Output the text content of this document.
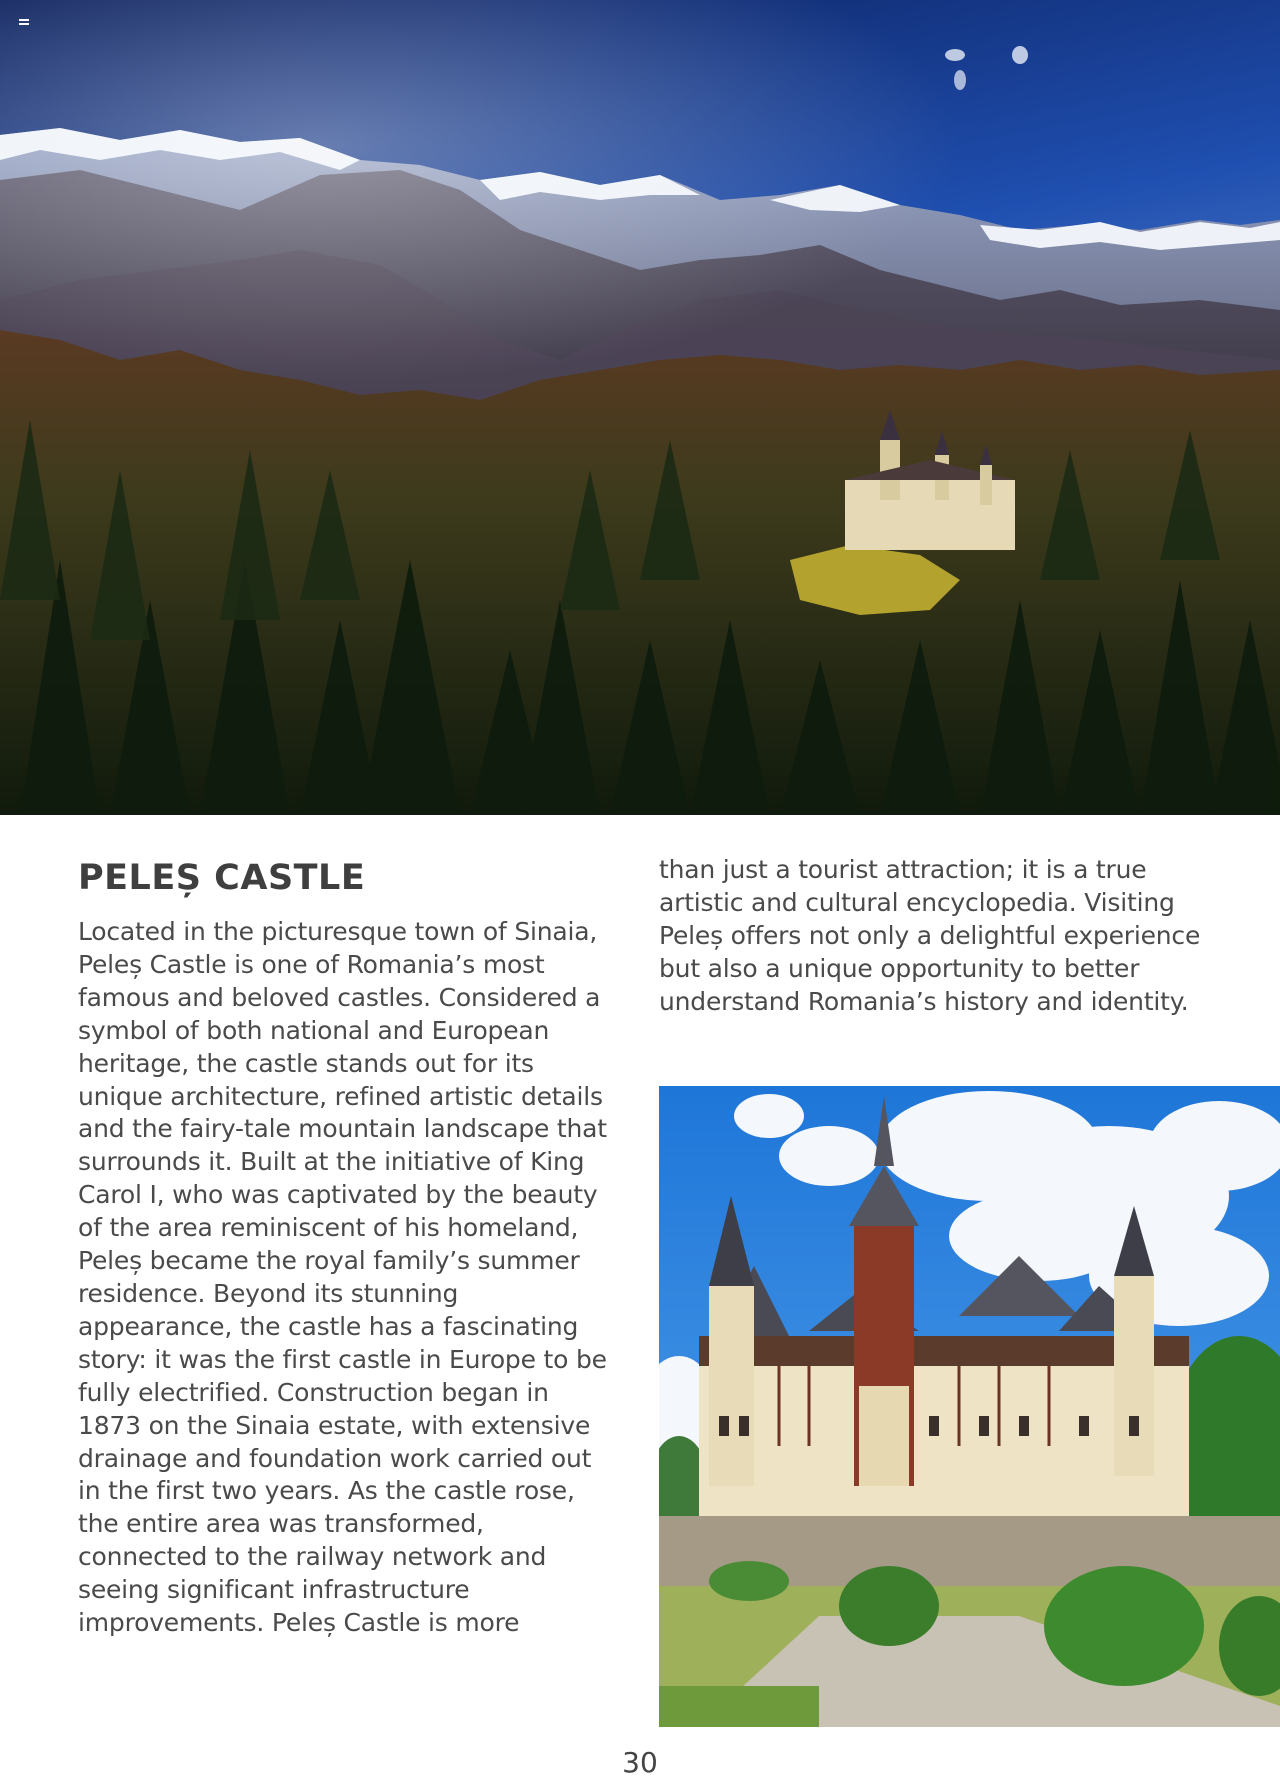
PELEȘ CASTLE

Located in the picturesque town of Sinaia, Peleș Castle is one of Romania’s most famous and beloved castles. Considered a symbol of both national and European heritage, the castle stands out for its unique architecture, refined artistic details and the fairy-tale mountain landscape that surrounds it. Built at the initiative of King Carol I, who was captivated by the beauty of the area reminiscent of his homeland, Peleș became the royal family’s summer residence. Beyond its stunning appearance, the castle has a fascinating story: it was the first castle in Europe to be fully electrified. Construction began in 1873 on the Sinaia estate, with extensive drainage and foundation work carried out in the first two years. As the castle rose, the entire area was transformed, connected to the railway network and seeing significant infrastructure improvements. Peleș Castle is more

than just a tourist attraction; it is a true artistic and cultural encyclopedia. Visiting Peleș offers not only a delightful experience but also a unique opportunity to better understand Romania’s history and identity.

30
